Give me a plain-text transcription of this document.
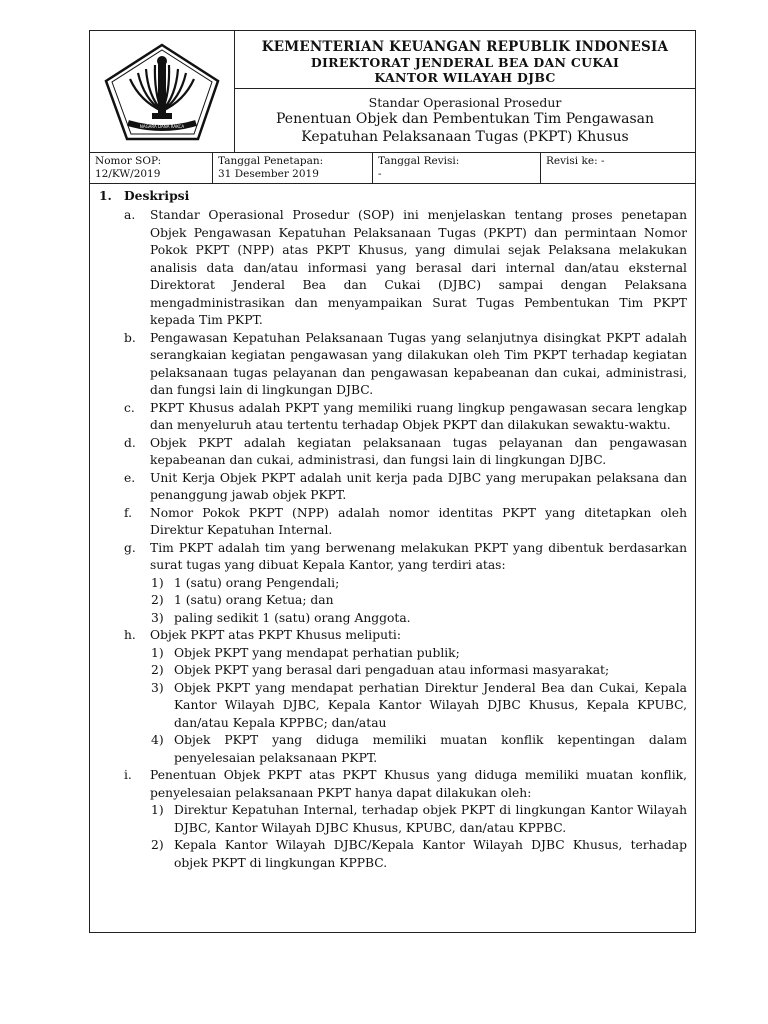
NAGARA DANA RAKCA
KEMENTERIAN KEUANGAN REPUBLIK INDONESIA
DIREKTORAT JENDERAL BEA DAN CUKAI
KANTOR WILAYAH DJBC
Standar Operasional Prosedur
Penentuan Objek dan Pembentukan Tim Pengawasan
Kepatuhan Pelaksanaan Tugas (PKPT) Khusus
Nomor SOP:
12/KW/2019
Tanggal Penetapan:
31 Desember 2019
Tanggal Revisi:
-
Revisi ke: -
1. Deskripsi
a. Standar Operasional Prosedur (SOP) ini menjelaskan tentang proses penetapan Objek Pengawasan Kepatuhan Pelaksanaan Tugas (PKPT) dan permintaan Nomor Pokok PKPT (NPP) atas PKPT Khusus, yang dimulai sejak Pelaksana melakukan analisis data dan/atau informasi yang berasal dari internal dan/atau eksternal Direktorat Jenderal Bea dan Cukai (DJBC) sampai dengan Pelaksana mengadministrasikan dan menyampaikan Surat Tugas Pembentukan Tim PKPT kepada Tim PKPT.

b. Pengawasan Kepatuhan Pelaksanaan Tugas yang selanjutnya disingkat PKPT adalah serangkaian kegiatan pengawasan yang dilakukan oleh Tim PKPT terhadap kegiatan pelaksanaan tugas pelayanan dan pengawasan kepabeanan dan cukai, administrasi, dan fungsi lain di lingkungan DJBC.

c. PKPT Khusus adalah PKPT yang memiliki ruang lingkup pengawasan secara lengkap dan menyeluruh atau tertentu terhadap Objek PKPT dan dilakukan sewaktu-waktu.

d. Objek PKPT adalah kegiatan pelaksanaan tugas pelayanan dan pengawasan kepabeanan dan cukai, administrasi, dan fungsi lain di lingkungan DJBC.

e. Unit Kerja Objek PKPT adalah unit kerja pada DJBC yang merupakan pelaksana dan penanggung jawab objek PKPT.

f. Nomor Pokok PKPT (NPP) adalah nomor identitas PKPT yang ditetapkan oleh Direktur Kepatuhan Internal.

g. Tim PKPT adalah tim yang berwenang melakukan PKPT yang dibentuk berdasarkan surat tugas yang dibuat Kepala Kantor, yang terdiri atas:

1) 1 (satu) orang Pengendali;

2) 1 (satu) orang Ketua; dan

3) paling sedikit 1 (satu) orang Anggota.

h. Objek PKPT atas PKPT Khusus meliputi:

1) Objek PKPT yang mendapat perhatian publik;

2) Objek PKPT yang berasal dari pengaduan atau informasi masyarakat;

3) Objek PKPT yang mendapat perhatian Direktur Jenderal Bea dan Cukai, Kepala Kantor Wilayah DJBC, Kepala Kantor Wilayah DJBC Khusus, Kepala KPUBC, dan/atau Kepala KPPBC; dan/atau

4) Objek PKPT yang diduga memiliki muatan konflik kepentingan dalam penyelesaian pelaksanaan PKPT.

i. Penentuan Objek PKPT atas PKPT Khusus yang diduga memiliki muatan konflik, penyelesaian pelaksanaan PKPT hanya dapat dilakukan oleh:

1) Direktur Kepatuhan Internal, terhadap objek PKPT di lingkungan Kantor Wilayah DJBC, Kantor Wilayah DJBC Khusus, KPUBC, dan/atau KPPBC.

2) Kepala Kantor Wilayah DJBC/Kepala Kantor Wilayah DJBC Khusus, terhadap objek PKPT di lingkungan KPPBC.
